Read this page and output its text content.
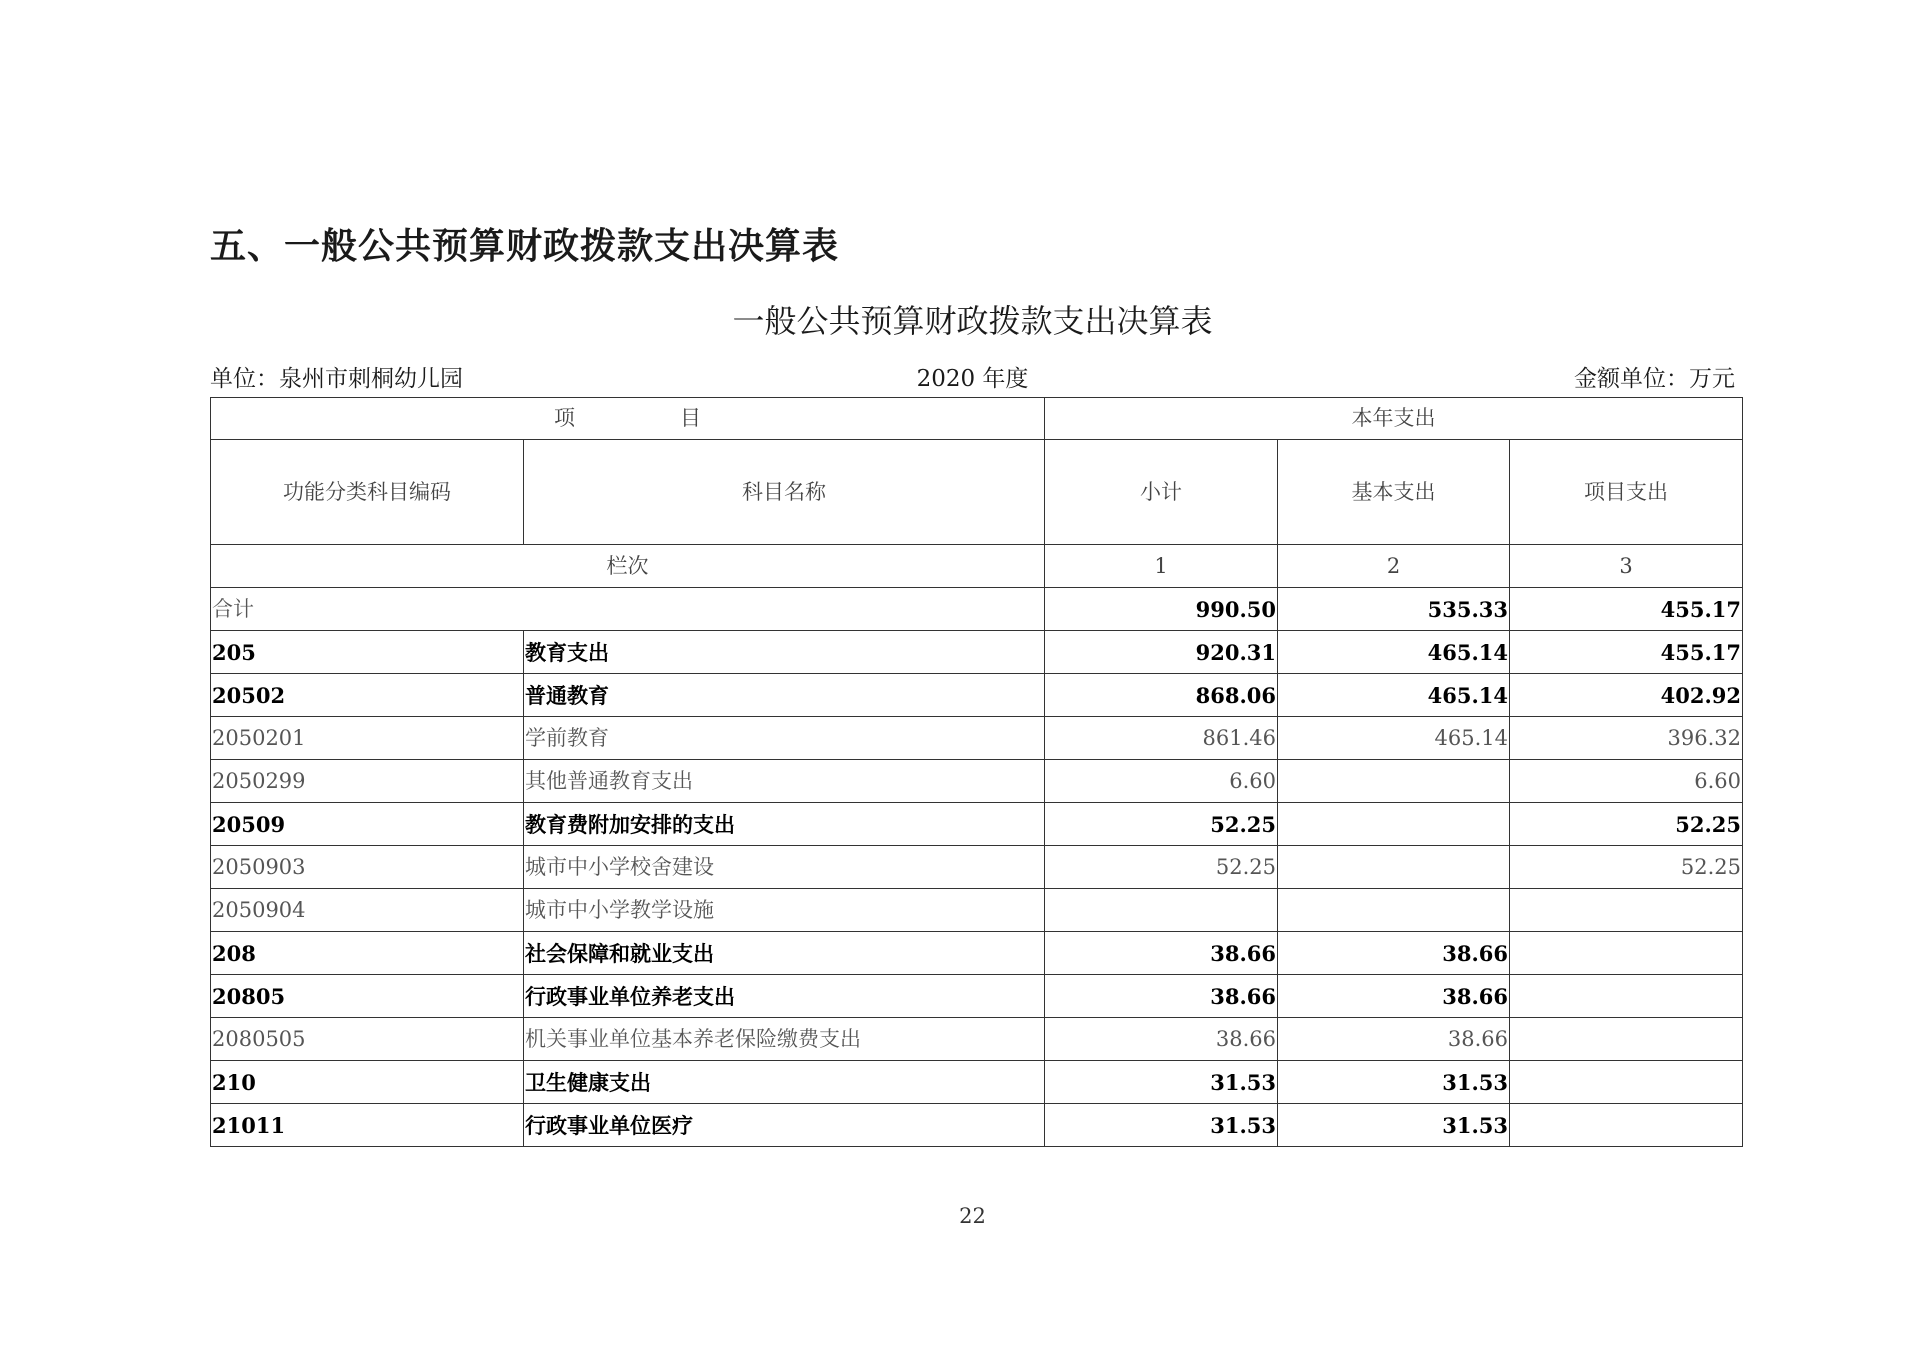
五、一般公共预算财政拨款支出决算表
一般公共预算财政拨款支出决算表
2020 年度
单位：泉州市刺桐幼儿园	金额单位：万元
项　　　　　目		本年支出		
功能分类科目编码	科目名称	小计	基本支出	项目支出
栏次		1	2	3
合计		990.50	535.33	455.17
205	教育支出	920.31	465.14	455.17
20502	普通教育	868.06	465.14	402.92
2050201	学前教育	861.46	465.14	396.32
2050299	其他普通教育支出	6.60		6.60
20509	教育费附加安排的支出	52.25		52.25
2050903	城市中小学校舍建设	52.25		52.25
2050904	城市中小学教学设施			
208	社会保障和就业支出	38.66	38.66	
20805	行政事业单位养老支出	38.66	38.66	
2080505	机关事业单位基本养老保险缴费支出	38.66	38.66	
210	卫生健康支出	31.53	31.53	
21011	行政事业单位医疗	31.53	31.53	
22
